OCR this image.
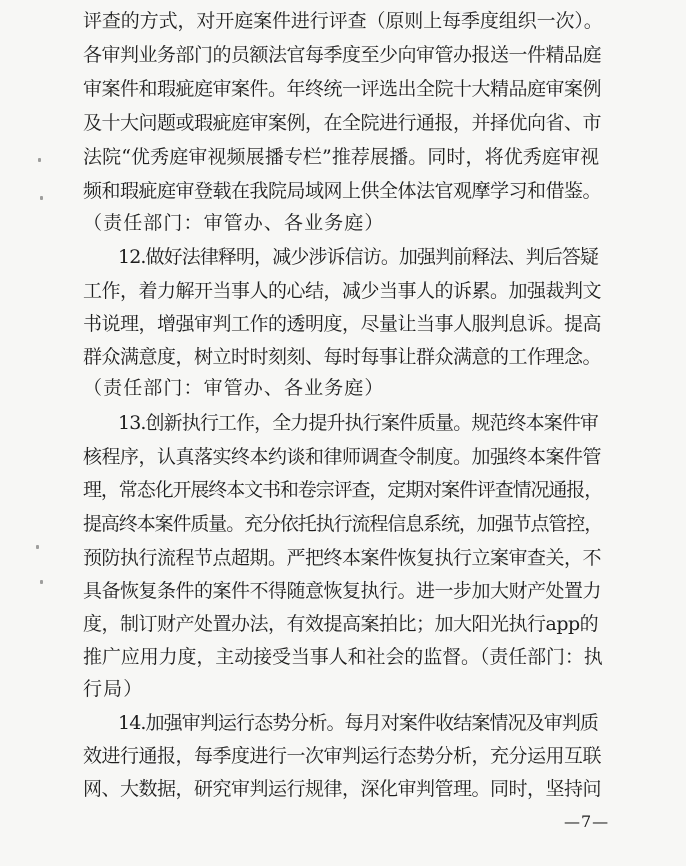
评查的方式，对开庭案件进行评查（原则上每季度组织一次）。
各审判业务部门的员额法官每季度至少向审管办报送一件精品庭
审案件和瑕疵庭审案件。年终统一评选出全院十大精品庭审案例
及十大问题或瑕疵庭审案例，在全院进行通报，并择优向省、市
法院“优秀庭审视频展播专栏”推荐展播。同时，将优秀庭审视
频和瑕疵庭审登载在我院局域网上供全体法官观摩学习和借鉴。
（责任部门：审管办、各业务庭）
12.做好法律释明，减少涉诉信访。加强判前释法、判后答疑
工作，着力解开当事人的心结，减少当事人的诉累。加强裁判文
书说理，增强审判工作的透明度，尽量让当事人服判息诉。提高
群众满意度，树立时时刻刻、每时每事让群众满意的工作理念。
（责任部门：审管办、各业务庭）
13.创新执行工作，全力提升执行案件质量。规范终本案件审
核程序，认真落实终本约谈和律师调查令制度。加强终本案件管
理，常态化开展终本文书和卷宗评查，定期对案件评查情况通报，
提高终本案件质量。充分依托执行流程信息系统，加强节点管控，
预防执行流程节点超期。严把终本案件恢复执行立案审查关，不
具备恢复条件的案件不得随意恢复执行。进一步加大财产处置力
度，制订财产处置办法，有效提高案拍比；加大阳光执行app的
推广应用力度，主动接受当事人和社会的监督。（责任部门：执
行局）
14.加强审判运行态势分析。每月对案件收结案情况及审判质
效进行通报，每季度进行一次审判运行态势分析，充分运用互联
网、大数据，研究审判运行规律，深化审判管理。同时，坚持问
—7—
